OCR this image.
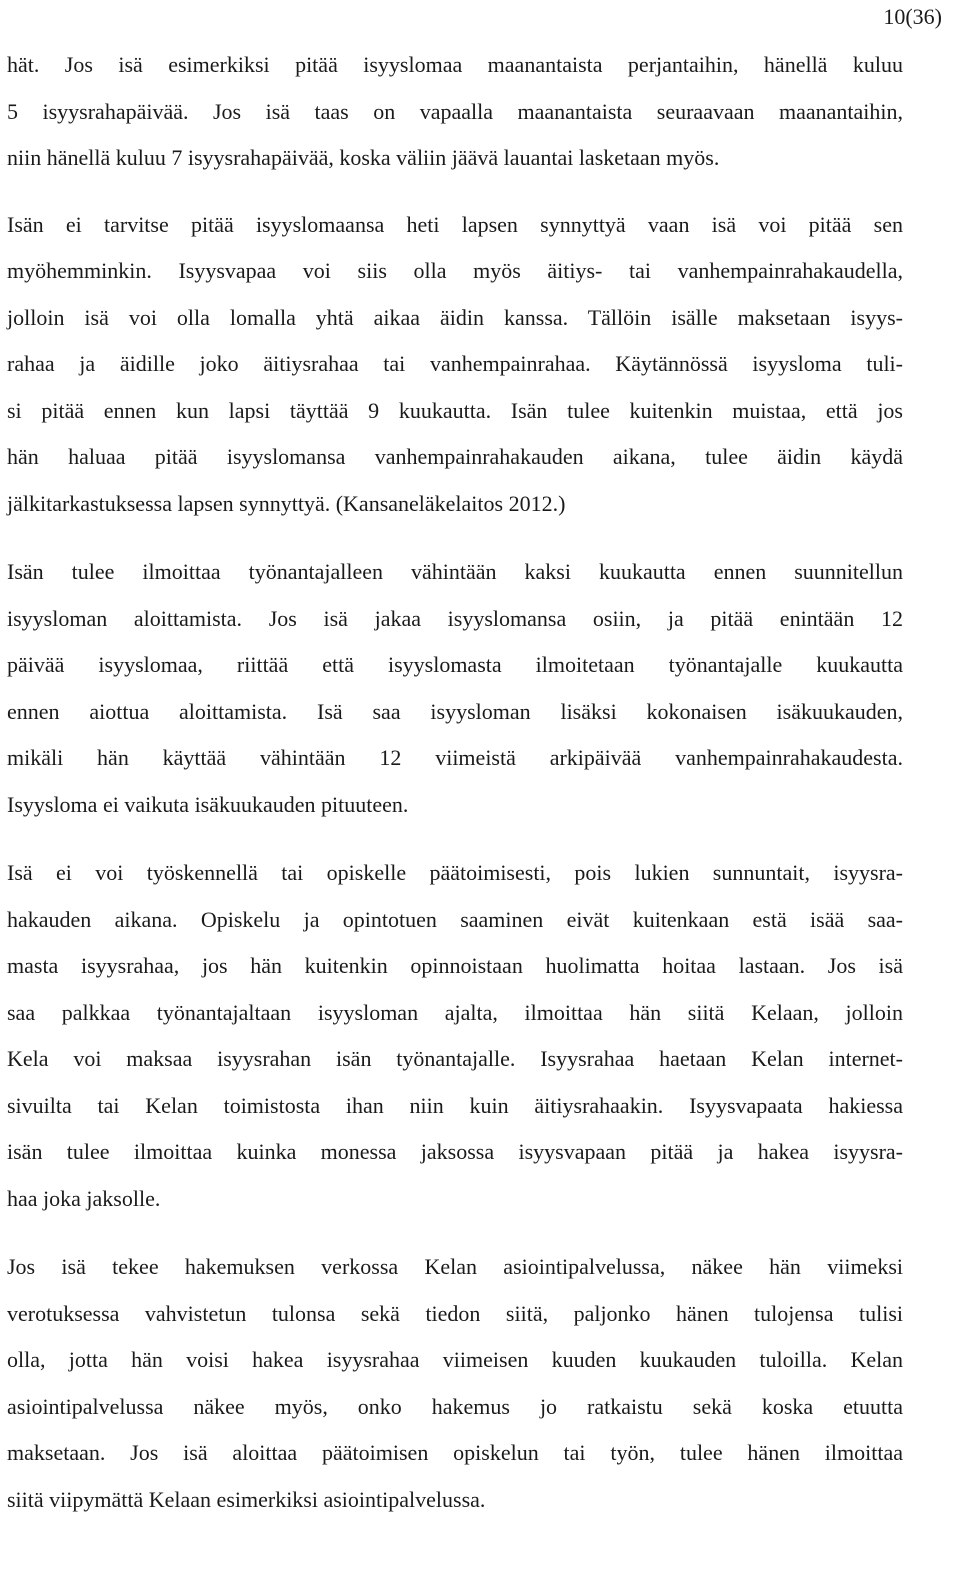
10(36)

hät. Jos isä esimerkiksi pitää isyyslomaa maanantaista perjantaihin, hänellä kuluu
5 isyysrahapäivää. Jos isä taas on vapaalla maanantaista seuraavaan maanantaihin,
niin hänellä kuluu 7 isyysrahapäivää, koska väliin jäävä lauantai lasketaan myös.

Isän ei tarvitse pitää isyyslomaansa heti lapsen synnyttyä vaan isä voi pitää sen
myöhemminkin. Isyysvapaa voi siis olla myös äitiys- tai vanhempainrahakaudella,
jolloin isä voi olla lomalla yhtä aikaa äidin kanssa. Tällöin isälle maksetaan isyys-
rahaa ja äidille joko äitiysrahaa tai vanhempainrahaa. Käytännössä isyysloma tuli-
si pitää ennen kun lapsi täyttää 9 kuukautta. Isän tulee kuitenkin muistaa, että jos
hän haluaa pitää isyyslomansa vanhempainrahakauden aikana, tulee äidin käydä
jälkitarkastuksessa lapsen synnyttyä. (Kansaneläkelaitos 2012.)

Isän tulee ilmoittaa työnantajalleen vähintään kaksi kuukautta ennen suunnitellun
isyysloman aloittamista. Jos isä jakaa isyyslomansa osiin, ja pitää enintään 12
päivää isyyslomaa, riittää että isyyslomasta ilmoitetaan työnantajalle kuukautta
ennen aiottua aloittamista. Isä saa isyysloman lisäksi kokonaisen isäkuukauden,
mikäli hän käyttää vähintään 12 viimeistä arkipäivää vanhempainrahakaudesta.
Isyysloma ei vaikuta isäkuukauden pituuteen.

Isä ei voi työskennellä tai opiskelle päätoimisesti, pois lukien sunnuntait, isyysra-
hakauden aikana. Opiskelu ja opintotuen saaminen eivät kuitenkaan estä isää saa-
masta isyysrahaa, jos hän kuitenkin opinnoistaan huolimatta hoitaa lastaan. Jos isä
saa palkkaa työnantajaltaan isyysloman ajalta, ilmoittaa hän siitä Kelaan, jolloin
Kela voi maksaa isyysrahan isän työnantajalle. Isyysrahaa haetaan Kelan internet-
sivuilta tai Kelan toimistosta ihan niin kuin äitiysrahaakin. Isyysvapaata hakiessa
isän tulee ilmoittaa kuinka monessa jaksossa isyysvapaan pitää ja hakea isyysra-
haa joka jaksolle.

Jos isä tekee hakemuksen verkossa Kelan asiointipalvelussa, näkee hän viimeksi
verotuksessa vahvistetun tulonsa sekä tiedon siitä, paljonko hänen tulojensa tulisi
olla, jotta hän voisi hakea isyysrahaa viimeisen kuuden kuukauden tuloilla. Kelan
asiointipalvelussa näkee myös, onko hakemus jo ratkaistu sekä koska etuutta
maksetaan. Jos isä aloittaa päätoimisen opiskelun tai työn, tulee hänen ilmoittaa
siitä viipymättä Kelaan esimerkiksi asiointipalvelussa.
